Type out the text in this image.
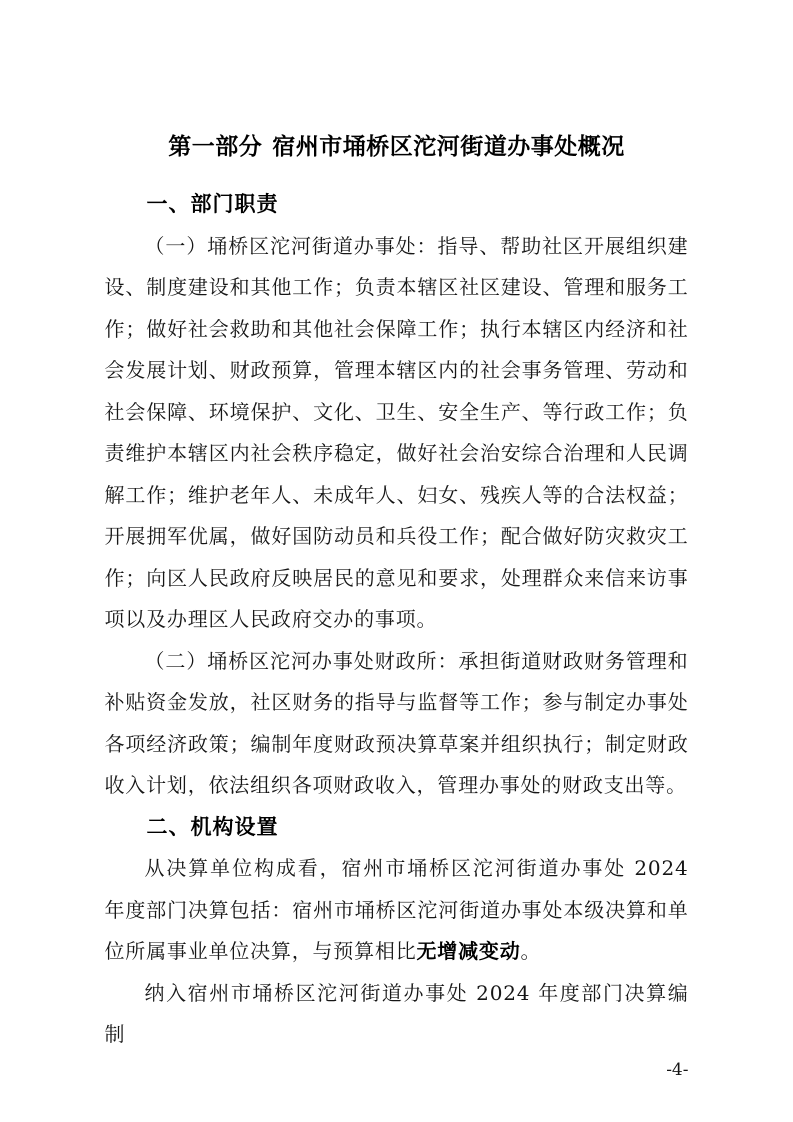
第一部分 宿州市埇桥区沱河街道办事处概况
一、部门职责

（一）埇桥区沱河街道办事处：指导、帮助社区开展组织建设、制度建设和其他工作；负责本辖区社区建设、管理和服务工作；做好社会救助和其他社会保障工作；执行本辖区内经济和社会发展计划、财政预算，管理本辖区内的社会事务管理、劳动和社会保障、环境保护、文化、卫生、安全生产、等行政工作；负责维护本辖区内社会秩序稳定，做好社会治安综合治理和人民调解工作；维护老年人、未成年人、妇女、残疾人等的合法权益；开展拥军优属，做好国防动员和兵役工作；配合做好防灾救灾工作；向区人民政府反映居民的意见和要求，处理群众来信来访事项以及办理区人民政府交办的事项。

（二）埇桥区沱河办事处财政所：承担街道财政财务管理和补贴资金发放，社区财务的指导与监督等工作；参与制定办事处各项经济政策；编制年度财政预决算草案并组织执行；制定财政收入计划，依法组织各项财政收入，管理办事处的财政支出等。

二、机构设置

从决算单位构成看，宿州市埇桥区沱河街道办事处 2024 年度部门决算包括：宿州市埇桥区沱河街道办事处本级决算和单位所属事业单位决算，与预算相比无增减变动。

纳入宿州市埇桥区沱河街道办事处 2024 年度部门决算编制

-4-
